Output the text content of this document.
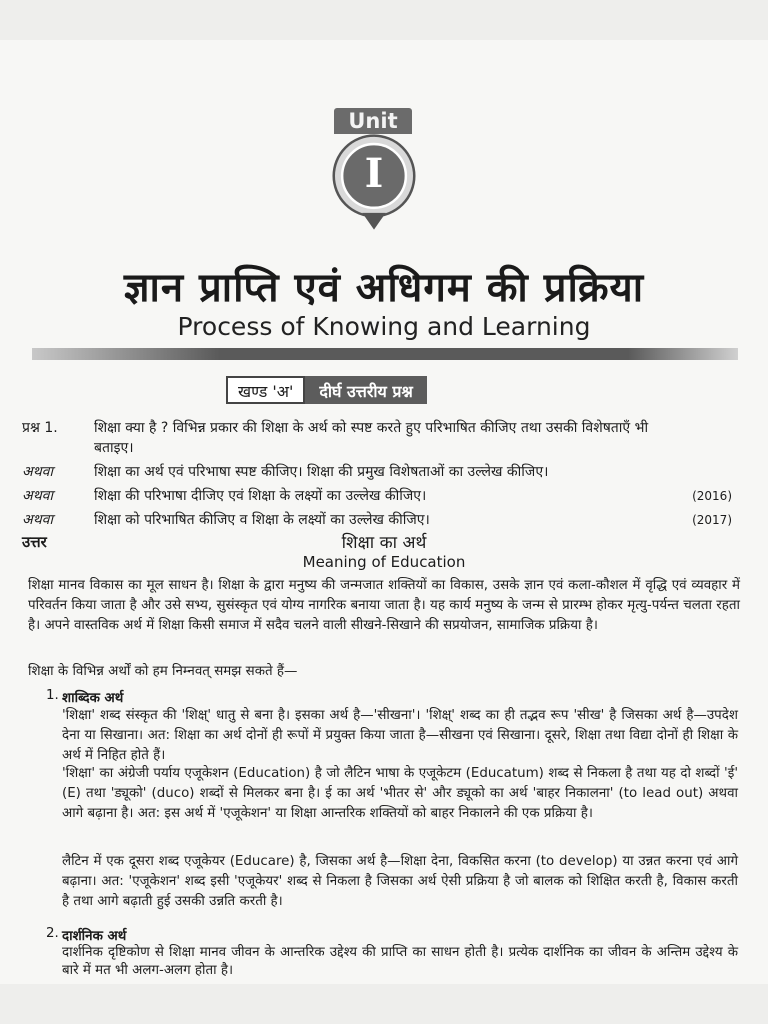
Unit
I
ज्ञान प्राप्ति एवं अधिगम की प्रक्रिया
Process of Knowing and Learning
खण्ड 'अ'	दीर्घ उत्तरीय प्रश्न
प्रश्न 1.	शिक्षा क्या है ? विभिन्न प्रकार की शिक्षा के अर्थ को स्पष्ट करते हुए परिभाषित कीजिए तथा उसकी विशेषताएँ भी बताइए।
अथवा	शिक्षा का अर्थ एवं परिभाषा स्पष्ट कीजिए। शिक्षा की प्रमुख विशेषताओं का उल्लेख कीजिए।
अथवा	शिक्षा की परिभाषा दीजिए एवं शिक्षा के लक्ष्यों का उल्लेख कीजिए।	(2016)
अथवा	शिक्षा को परिभाषित कीजिए व शिक्षा के लक्ष्यों का उल्लेख कीजिए।	(2017)
उत्तर	शिक्षा का अर्थ
Meaning of Education
शिक्षा मानव विकास का मूल साधन है। शिक्षा के द्वारा मनुष्य की जन्मजात शक्तियों का विकास, उसके ज्ञान एवं कला-कौशल में वृद्धि एवं व्यवहार में परिवर्तन किया जाता है और उसे सभ्य, सुसंस्कृत एवं योग्य नागरिक बनाया जाता है। यह कार्य मनुष्य के जन्म से प्रारम्भ होकर मृत्यु-पर्यन्त चलता रहता है। अपने वास्तविक अर्थ में शिक्षा किसी समाज में सदैव चलने वाली सीखने-सिखाने की सप्रयोजन, सामाजिक प्रक्रिया है।
शिक्षा के विभिन्न अर्थों को हम निम्नवत् समझ सकते हैं—
1. शाब्दिक अर्थ
'शिक्षा' शब्द संस्कृत की 'शिक्ष्' धातु से बना है। इसका अर्थ है—'सीखना'। 'शिक्ष्' शब्द का ही तद्भव रूप 'सीख' है जिसका अर्थ है—उपदेश देना या सिखाना। अत: शिक्षा का अर्थ दोनों ही रूपों में प्रयुक्त किया जाता है—सीखना एवं सिखाना। दूसरे, शिक्षा तथा विद्या दोनों ही शिक्षा के अर्थ में निहित होते हैं।
'शिक्षा' का अंग्रेजी पर्याय एजूकेशन (Education) है जो लैटिन भाषा के एजूकेटम (Educatum) शब्द से निकला है तथा यह दो शब्दों 'ई' (E) तथा 'ड्यूको' (duco) शब्दों से मिलकर बना है। ई का अर्थ 'भीतर से' और ड्यूको का अर्थ 'बाहर निकालना' (to lead out) अथवा आगे बढ़ाना है। अत: इस अर्थ में 'एजूकेशन' या शिक्षा आन्तरिक शक्तियों को बाहर निकालने की एक प्रक्रिया है।
लैटिन में एक दूसरा शब्द एजूकेयर (Educare) है, जिसका अर्थ है—शिक्षा देना, विकसित करना (to develop) या उन्नत करना एवं आगे बढ़ाना। अत: 'एजूकेशन' शब्द इसी 'एजूकेयर' शब्द से निकला है जिसका अर्थ ऐसी प्रक्रिया है जो बालक को शिक्षित करती है, विकास करती है तथा आगे बढ़ाती हुई उसकी उन्नति करती है।
2. दार्शनिक अर्थ
दार्शनिक दृष्टिकोण से शिक्षा मानव जीवन के आन्तरिक उद्देश्य की प्राप्ति का साधन होती है। प्रत्येक दार्शनिक का जीवन के अन्तिम उद्देश्य के बारे में मत भी अलग-अलग होता है।
